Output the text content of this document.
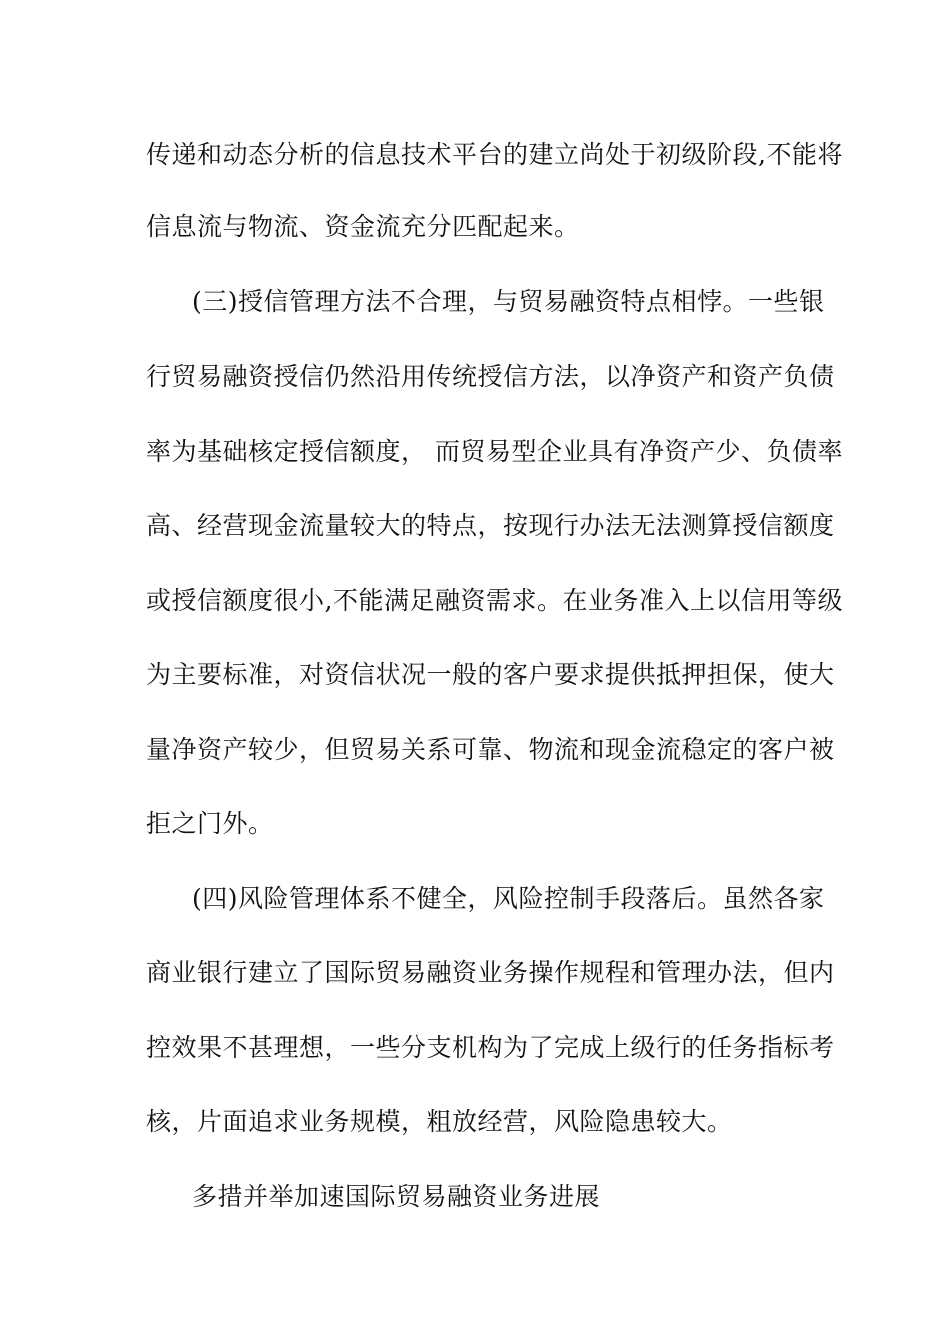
传递和动态分析的信息技术平台的建立尚处于初级阶段,不能将
信息流与物流、资金流充分匹配起来。
(三)授信管理方法不合理，与贸易融资特点相悖。一些银
行贸易融资授信仍然沿用传统授信方法，以净资产和资产负债
率为基础核定授信额度， 而贸易型企业具有净资产少、负债率
高、经营现金流量较大的特点，按现行办法无法测算授信额度
或授信额度很小,不能满足融资需求。在业务准入上以信用等级
为主要标准，对资信状况一般的客户要求提供抵押担保，使大
量净资产较少，但贸易关系可靠、物流和现金流稳定的客户被
拒之门外。
(四)风险管理体系不健全，风险控制手段落后。虽然各家
商业银行建立了国际贸易融资业务操作规程和管理办法，但内
控效果不甚理想，一些分支机构为了完成上级行的任务指标考
核，片面追求业务规模，粗放经营，风险隐患较大。
多措并举加速国际贸易融资业务进展
